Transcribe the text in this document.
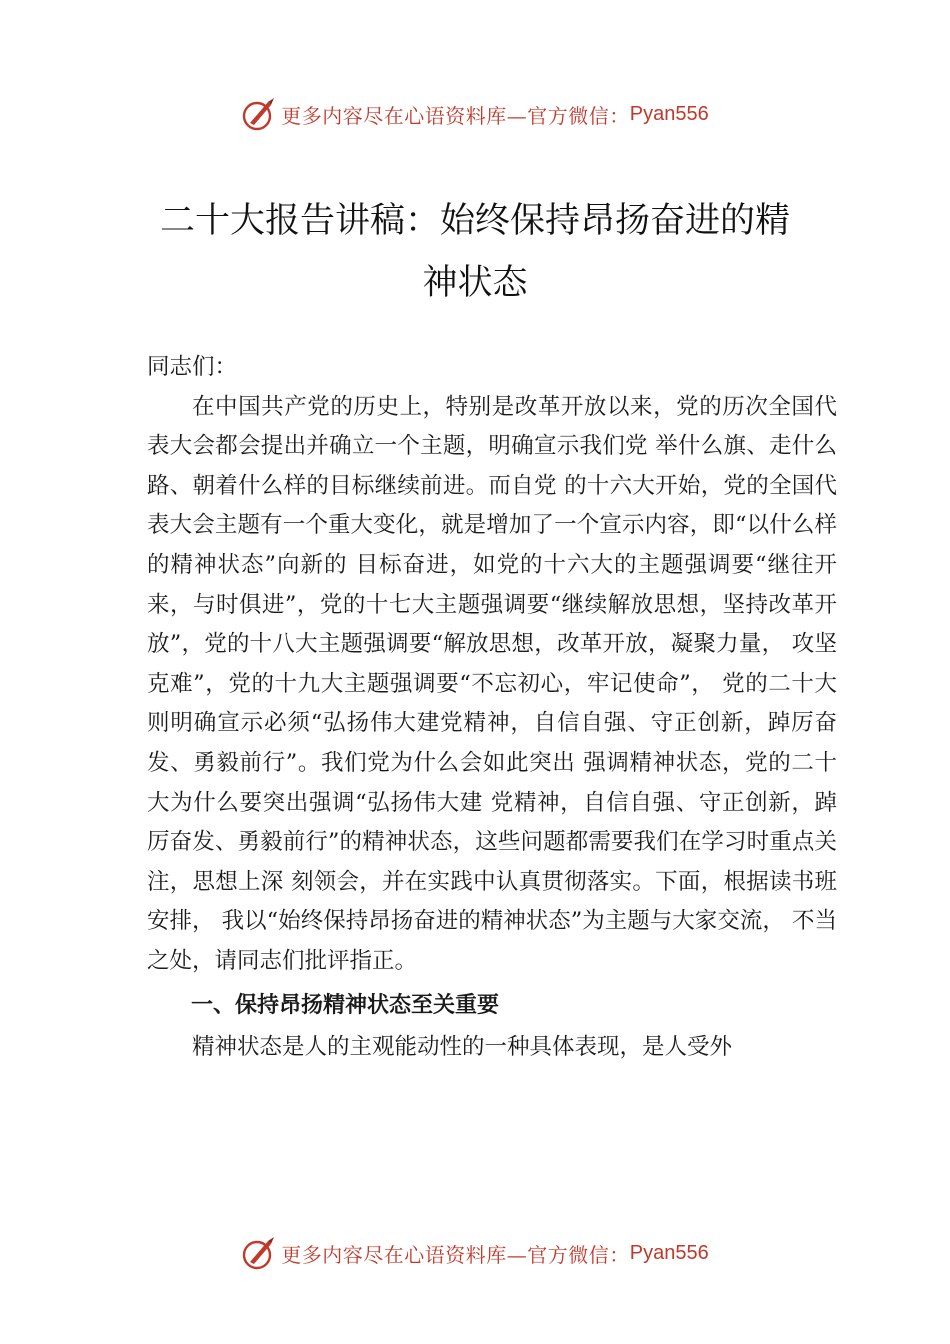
更多内容尽在心语资料库—官方微信： Pyan556
二十大报告讲稿：始终保持昂扬奋进的精
神状态

同志们：

在中国共产党的历史上，特别是改革开放以来，党的历次全国代表大会都会提出并确立一个主题，明确宣示我们党 举什么旗、走什么路、朝着什么样的目标继续前进。而自党 的十六大开始，党的全国代表大会主题有一个重大变化，就是增加了一个宣示内容，即“以什么样的精神状态”向新的 目标奋进，如党的十六大的主题强调要“继往开来，与时俱进”，党的十七大主题强调要“继续解放思想，坚持改革开放”，党的十八大主题强调要“解放思想，改革开放，凝聚力量， 攻坚克难”，党的十九大主题强调要“不忘初心，牢记使命”， 党的二十大则明确宣示必须“弘扬伟大建党精神，自信自强、守正创新，踔厉奋发、勇毅前行”。我们党为什么会如此突出 强调精神状态，党的二十大为什么要突出强调“弘扬伟大建 党精神，自信自强、守正创新，踔厉奋发、勇毅前行”的精神状态，这些问题都需要我们在学习时重点关注，思想上深 刻领会，并在实践中认真贯彻落实。下面，根据读书班安排， 我以“始终保持昂扬奋进的精神状态”为主题与大家交流， 不当之处，请同志们批评指正。

一、保持昂扬精神状态至关重要

精神状态是人的主观能动性的一种具体表现，是人受外

更多内容尽在心语资料库—官方微信： Pyan556
